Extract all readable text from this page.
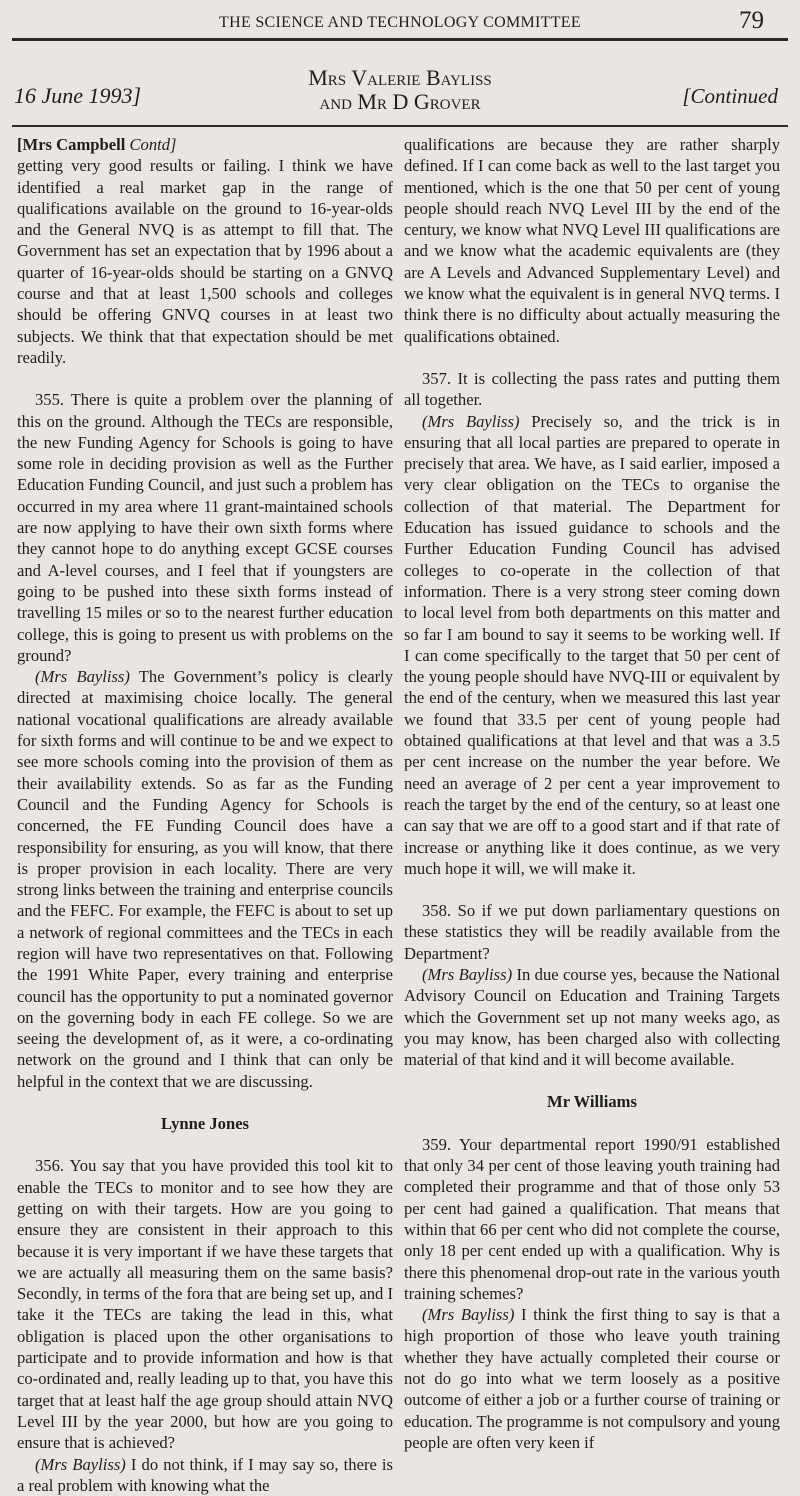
THE SCIENCE AND TECHNOLOGY COMMITTEE	79
16 June 1993]
Mrs Valerie Bayliss
and Mr D Grover	[Continued

[Mrs Campbell Contd]

getting very good results or failing. I think we have identified a real market gap in the range of qualifications available on the ground to 16-year-olds and the General NVQ is as attempt to fill that. The Government has set an expectation that by 1996 about a quarter of 16-year-olds should be starting on a GNVQ course and that at least 1,500 schools and colleges should be offering GNVQ courses in at least two subjects. We think that that expectation should be met readily.

355. There is quite a problem over the planning of this on the ground. Although the TECs are responsible, the new Funding Agency for Schools is going to have some role in deciding provision as well as the Further Education Funding Council, and just such a problem has occurred in my area where 11 grant-maintained schools are now applying to have their own sixth forms where they cannot hope to do anything except GCSE courses and A-level courses, and I feel that if youngsters are going to be pushed into these sixth forms instead of travelling 15 miles or so to the nearest further education college, this is going to present us with problems on the ground?

(Mrs Bayliss) The Government’s policy is clearly directed at maximising choice locally. The general national vocational qualifications are already available for sixth forms and will continue to be and we expect to see more schools coming into the provision of them as their availability extends. So as far as the Funding Council and the Funding Agency for Schools is concerned, the FE Funding Council does have a responsibility for ensuring, as you will know, that there is proper provision in each locality. There are very strong links between the training and enterprise councils and the FEFC. For example, the FEFC is about to set up a network of regional committees and the TECs in each region will have two representatives on that. Following the 1991 White Paper, every training and enterprise council has the opportunity to put a nominated governor on the governing body in each FE college. So we are seeing the development of, as it were, a co-ordinating network on the ground and I think that can only be helpful in the context that we are discussing.

Lynne Jones

356. You say that you have provided this tool kit to enable the TECs to monitor and to see how they are getting on with their targets. How are you going to ensure they are consistent in their approach to this because it is very important if we have these targets that we are actually all measuring them on the same basis? Secondly, in terms of the fora that are being set up, and I take it the TECs are taking the lead in this, what obligation is placed upon the other organisations to participate and to provide information and how is that co-ordinated and, really leading up to that, you have this target that at least half the age group should attain NVQ Level III by the year 2000, but how are you going to ensure that is achieved?

(Mrs Bayliss) I do not think, if I may say so, there is a real problem with knowing what the

qualifications are because they are rather sharply defined. If I can come back as well to the last target you mentioned, which is the one that 50 per cent of young people should reach NVQ Level III by the end of the century, we know what NVQ Level III qualifications are and we know what the academic equivalents are (they are A Levels and Advanced Supplementary Level) and we know what the equivalent is in general NVQ terms. I think there is no difficulty about actually measuring the qualifications obtained.

357. It is collecting the pass rates and putting them all together.

(Mrs Bayliss) Precisely so, and the trick is in ensuring that all local parties are prepared to operate in precisely that area. We have, as I said earlier, imposed a very clear obligation on the TECs to organise the collection of that material. The Department for Education has issued guidance to schools and the Further Education Funding Council has advised colleges to co-operate in the collection of that information. There is a very strong steer coming down to local level from both departments on this matter and so far I am bound to say it seems to be working well. If I can come specifically to the target that 50 per cent of the young people should have NVQ-III or equivalent by the end of the century, when we measured this last year we found that 33.5 per cent of young people had obtained qualifications at that level and that was a 3.5 per cent increase on the number the year before. We need an average of 2 per cent a year improvement to reach the target by the end of the century, so at least one can say that we are off to a good start and if that rate of increase or anything like it does continue, as we very much hope it will, we will make it.

358. So if we put down parliamentary questions on these statistics they will be readily available from the Department?

(Mrs Bayliss) In due course yes, because the National Advisory Council on Education and Training Targets which the Government set up not many weeks ago, as you may know, has been charged also with collecting material of that kind and it will become available.

Mr Williams

359. Your departmental report 1990/91 established that only 34 per cent of those leaving youth training had completed their programme and that of those only 53 per cent had gained a qualification. That means that within that 66 per cent who did not complete the course, only 18 per cent ended up with a qualification. Why is there this phenomenal drop-out rate in the various youth training schemes?

(Mrs Bayliss) I think the first thing to say is that a high proportion of those who leave youth training whether they have actually completed their course or not do go into what we term loosely as a positive outcome of either a job or a further course of training or education. The programme is not compulsory and young people are often very keen if
